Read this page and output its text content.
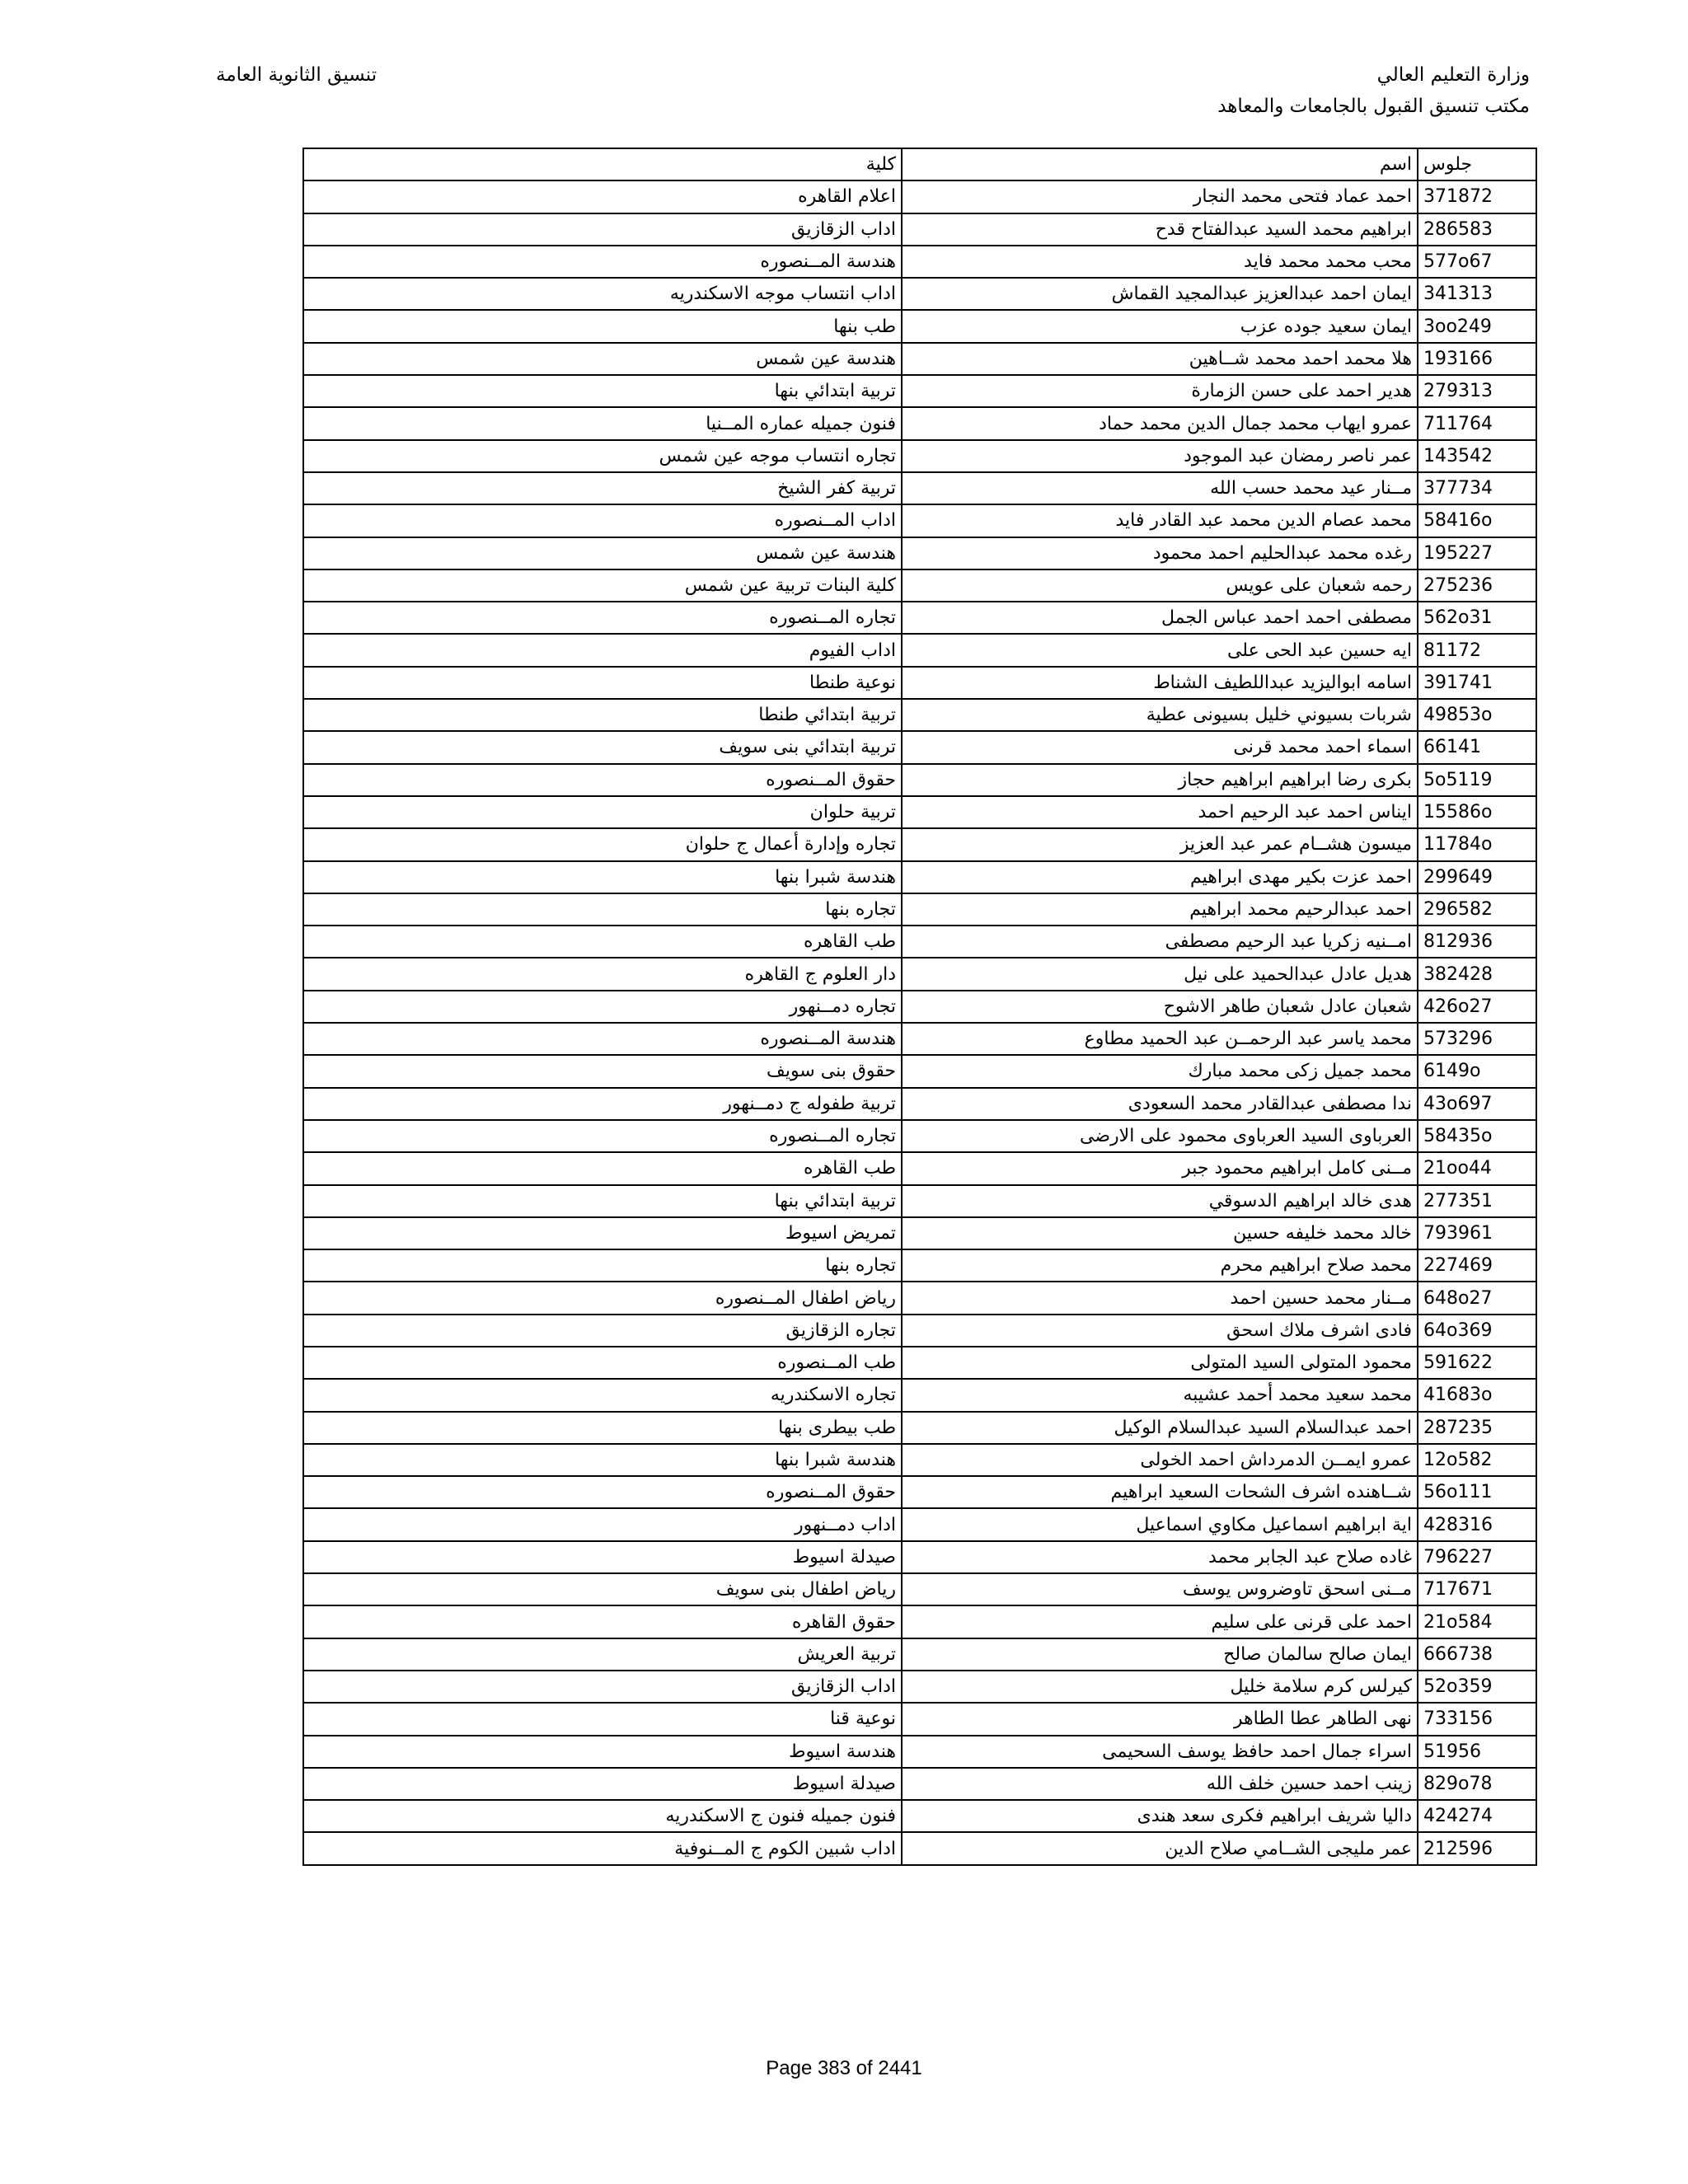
وزارة التعليم العالي
مكتب تنسيق القبول بالجامعات والمعاهد
تنسيق الثانوية العامة
جلوس	اسم	كلية
371872	احمد عماد فتحى محمد النجار	اعلام القاهره
286583	ابراهيم محمد السيد عبدالفتاح قدح	اداب الزقازيق
577o67	محب محمد محمد فايد	هندسة المــنصوره
341313	ايمان احمد عبدالعزيز عبدالمجيد القماش	اداب انتساب موجه الاسكندريه
3oo249	ايمان سعيد جوده عزب	طب بنها
193166	هلا محمد احمد محمد شــاهين	هندسة عين شمس
279313	هدير احمد على حسن الزمارة	تربية ابتدائي بنها
711764	عمرو ايهاب محمد جمال الدين محمد حماد	فنون جميله عماره المــنيا
143542	عمر ناصر رمضان عبد الموجود	تجاره انتساب موجه عين شمس
377734	مــنار عيد محمد حسب الله	تربية كفر الشيخ
58416o	محمد عصام الدين محمد عبد القادر فايد	اداب المــنصوره
195227	رغده محمد عبدالحليم احمد محمود	هندسة عين شمس
275236	رحمه شعبان على عويس	كلية البنات تربية عين شمس
562o31	مصطفى احمد احمد عباس الجمل	تجاره المــنصوره
81172	ايه حسين عبد الحى على	اداب الفيوم
391741	اسامه ابواليزيد عبداللطيف الشناط	نوعية طنطا
49853o	شربات بسيوني خليل بسيونى عطية	تربية ابتدائي طنطا
66141	اسماء احمد محمد قرنى	تربية ابتدائي بنى سويف
5o5119	بكرى رضا ابراهيم ابراهيم حجاز	حقوق المــنصوره
15586o	ايناس احمد عبد الرحيم احمد	تربية حلوان
11784o	ميسون هشــام عمر عبد العزيز	تجاره وإدارة أعمال ج حلوان
299649	احمد عزت بكير مهدى ابراهيم	هندسة شبرا بنها
296582	احمد عبدالرحيم محمد ابراهيم	تجاره بنها
812936	امــنيه زكريا عبد الرحيم مصطفى	طب القاهره
382428	هديل عادل عبدالحميد على نيل	دار العلوم ج القاهره
426o27	شعبان عادل شعبان طاهر الاشوح	تجاره دمــنهور
573296	محمد ياسر عبد الرحمــن عبد الحميد مطاوع	هندسة المــنصوره
6149o	محمد جميل زكى محمد مبارك	حقوق بنى سويف
43o697	ندا مصطفى عبدالقادر محمد السعودى	تربية طفوله ج دمــنهور
58435o	العرباوى السيد العرباوى محمود على الارضى	تجاره المــنصوره
21oo44	مــنى كامل ابراهيم محمود جبر	طب القاهره
277351	هدى خالد ابراهيم الدسوقي	تربية ابتدائي بنها
793961	خالد محمد خليفه حسين	تمريض اسيوط
227469	محمد صلاح ابراهيم محرم	تجاره بنها
648o27	مــنار محمد حسين احمد	رياض اطفال المــنصوره
64o369	فادى اشرف ملاك اسحق	تجاره الزقازيق
591622	محمود المتولى السيد المتولى	طب المــنصوره
41683o	محمد سعيد محمد أحمد عشيبه	تجاره الاسكندريه
287235	احمد عبدالسلام السيد عبدالسلام الوكيل	طب بيطرى بنها
12o582	عمرو ايمــن الدمرداش احمد الخولى	هندسة شبرا بنها
56o111	شــاهنده اشرف الشحات السعيد ابراهيم	حقوق المــنصوره
428316	اية ابراهيم اسماعيل مكاوي اسماعيل	اداب دمــنهور
796227	غاده صلاح عبد الجابر محمد	صيدلة اسيوط
717671	مــنى اسحق تاوضروس يوسف	رياض اطفال بنى سويف
21o584	احمد على قرنى على سليم	حقوق القاهره
666738	ايمان صالح سالمان صالح	تربية العريش
52o359	كيرلس كرم سلامة خليل	اداب الزقازيق
733156	نهى الطاهر عطا الطاهر	نوعية قنا
51956	اسراء جمال احمد حافظ يوسف السحيمى	هندسة اسيوط
829o78	زينب احمد حسين خلف الله	صيدلة اسيوط
424274	داليا شريف ابراهيم فكرى سعد هندى	فنون جميله فنون ج الاسكندريه
212596	عمر مليجى الشــامي صلاح الدين	اداب شبين الكوم ج المــنوفية
Page 383 of 2441
